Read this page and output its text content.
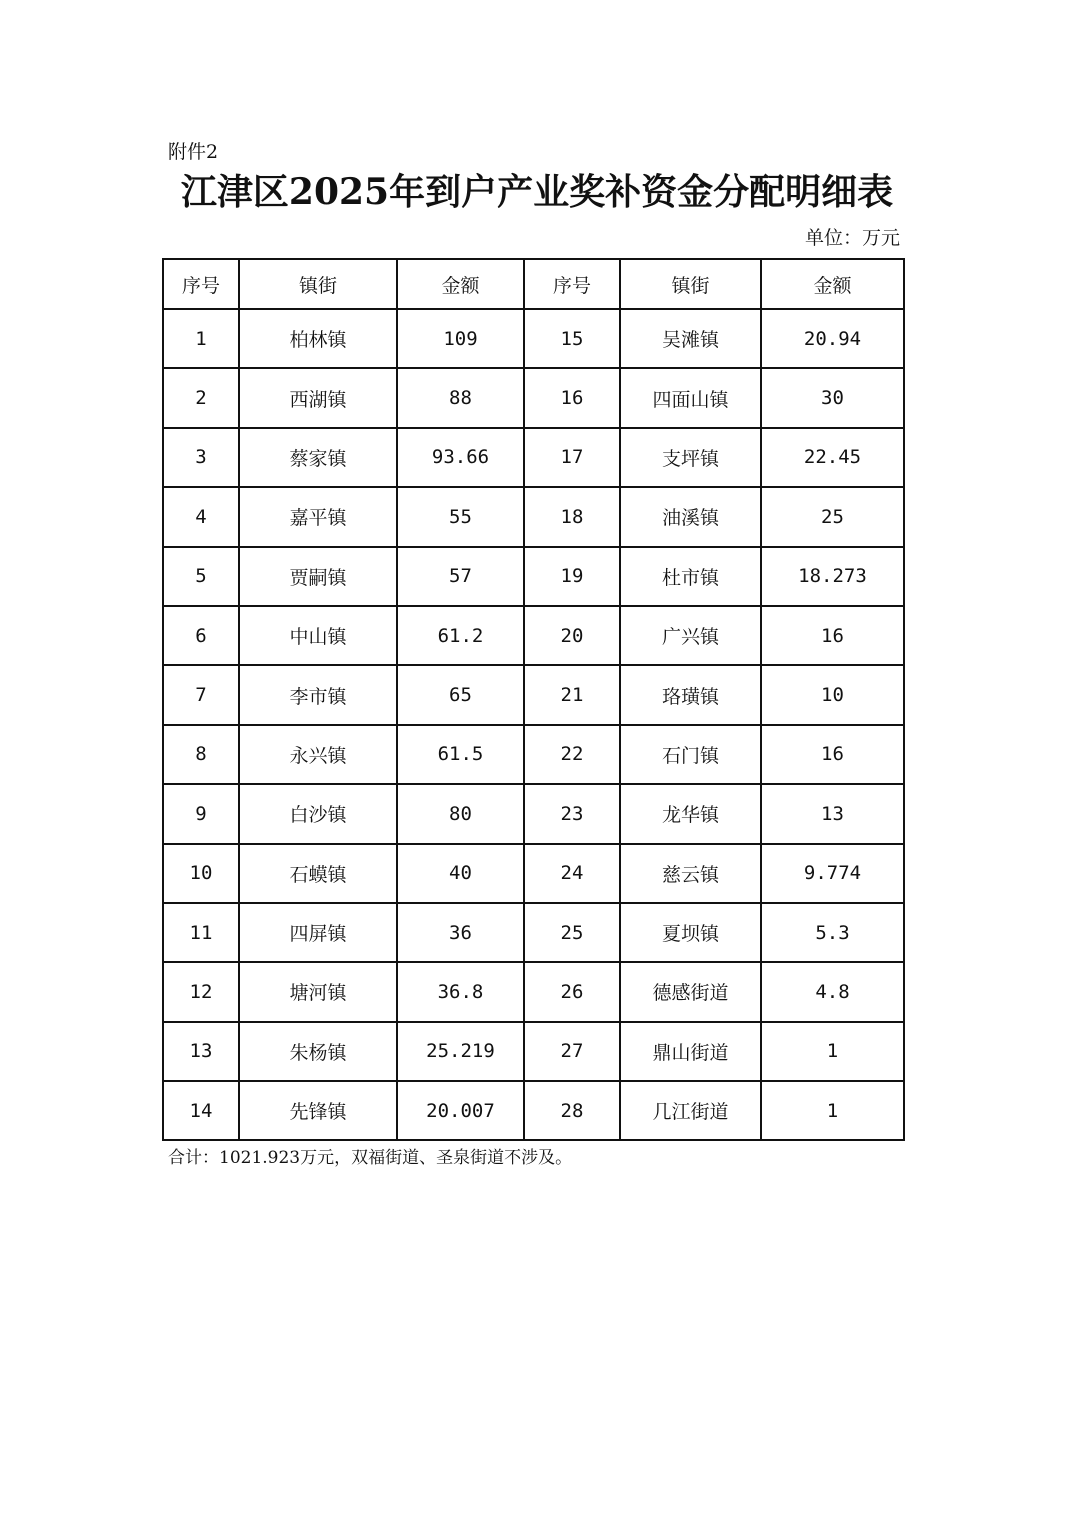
附件2
江津区2025年到户产业奖补资金分配明细表
单位：万元
序号	镇街	金额	序号	镇街	金额
1	柏林镇	109	15	吴滩镇	20.94
2	西湖镇	88	16	四面山镇	30
3	蔡家镇	93.66	17	支坪镇	22.45
4	嘉平镇	55	18	油溪镇	25
5	贾嗣镇	57	19	杜市镇	18.273
6	中山镇	61.2	20	广兴镇	16
7	李市镇	65	21	珞璜镇	10
8	永兴镇	61.5	22	石门镇	16
9	白沙镇	80	23	龙华镇	13
10	石蟆镇	40	24	慈云镇	9.774
11	四屏镇	36	25	夏坝镇	5.3
12	塘河镇	36.8	26	德感街道	4.8
13	朱杨镇	25.219	27	鼎山街道	1
14	先锋镇	20.007	28	几江街道	1
合计：1021.923万元，双福街道、圣泉街道不涉及。
